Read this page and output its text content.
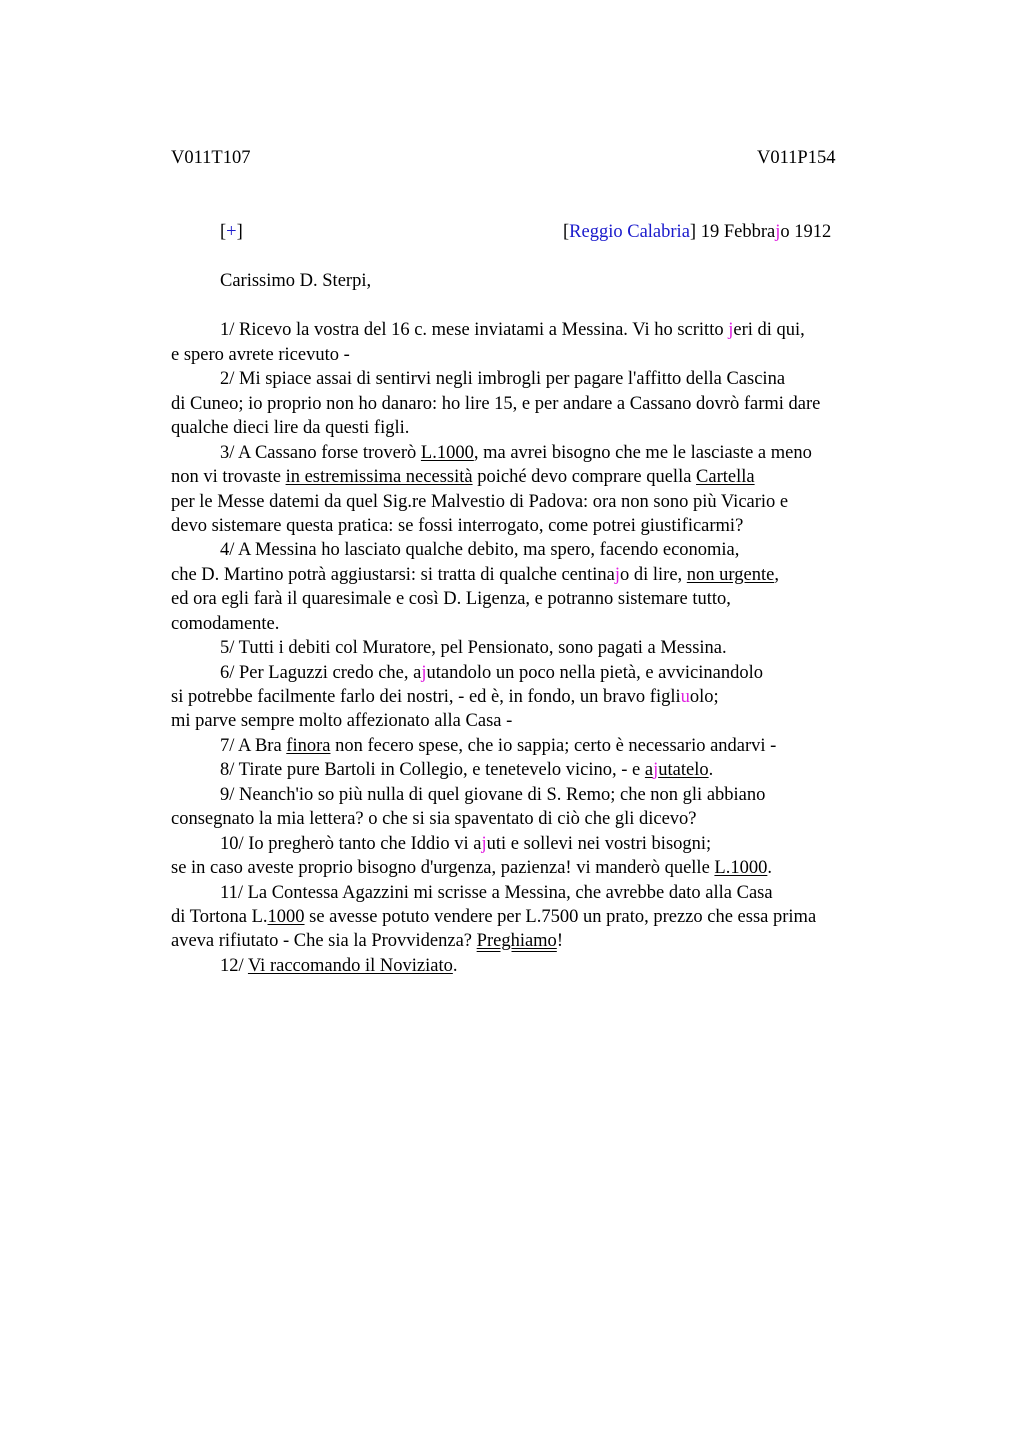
V011T107	V011P154
[+]	[Reggio Calabria] 19 Febbrajo 1912
Carissimo D. Sterpi,
1/ Ricevo la vostra del 16 c. mese inviatami a Messina. Vi ho scritto jeri di qui,
e spero avrete ricevuto -
2/ Mi spiace assai di sentirvi negli imbrogli per pagare l'affitto della Cascina
di Cuneo; io proprio non ho danaro: ho lire 15, e per andare a Cassano dovrò farmi dare
qualche dieci lire da questi figli.
3/ A Cassano forse troverò L.1000, ma avrei bisogno che me le lasciaste a meno
non vi trovaste in estremissima necessità poiché devo comprare quella Cartella
per le Messe datemi da quel Sig.re Malvestio di Padova: ora non sono più Vicario e
devo sistemare questa pratica: se fossi interrogato, come potrei giustificarmi?
4/ A Messina ho lasciato qualche debito, ma spero, facendo economia,
che D. Martino potrà aggiustarsi: si tratta di qualche centinajo di lire, non urgente,
ed ora egli farà il quaresimale e così D. Ligenza, e potranno sistemare tutto,
comodamente.
5/ Tutti i debiti col Muratore, pel Pensionato, sono pagati a Messina.
6/ Per Laguzzi credo che, ajutandolo un poco nella pietà, e avvicinandolo
si potrebbe facilmente farlo dei nostri, - ed è, in fondo, un bravo figliuolo;
mi parve sempre molto affezionato alla Casa -
7/ A Bra finora non fecero spese, che io sappia; certo è necessario andarvi -
8/ Tirate pure Bartoli in Collegio, e tenetevelo vicino, - e ajutatelo.
9/ Neanch'io so più nulla di quel giovane di S. Remo; che non gli abbiano
consegnato la mia lettera? o che si sia spaventato di ciò che gli dicevo?
10/ Io pregherò tanto che Iddio vi ajuti e sollevi nei vostri bisogni;
se in caso aveste proprio bisogno d'urgenza, pazienza! vi manderò quelle L.1000.
11/ La Contessa Agazzini mi scrisse a Messina, che avrebbe dato alla Casa
di Tortona L.1000 se avesse potuto vendere per L.7500 un prato, prezzo che essa prima
aveva rifiutato - Che sia la Provvidenza? Preghiamo!
12/ Vi raccomando il Noviziato.
